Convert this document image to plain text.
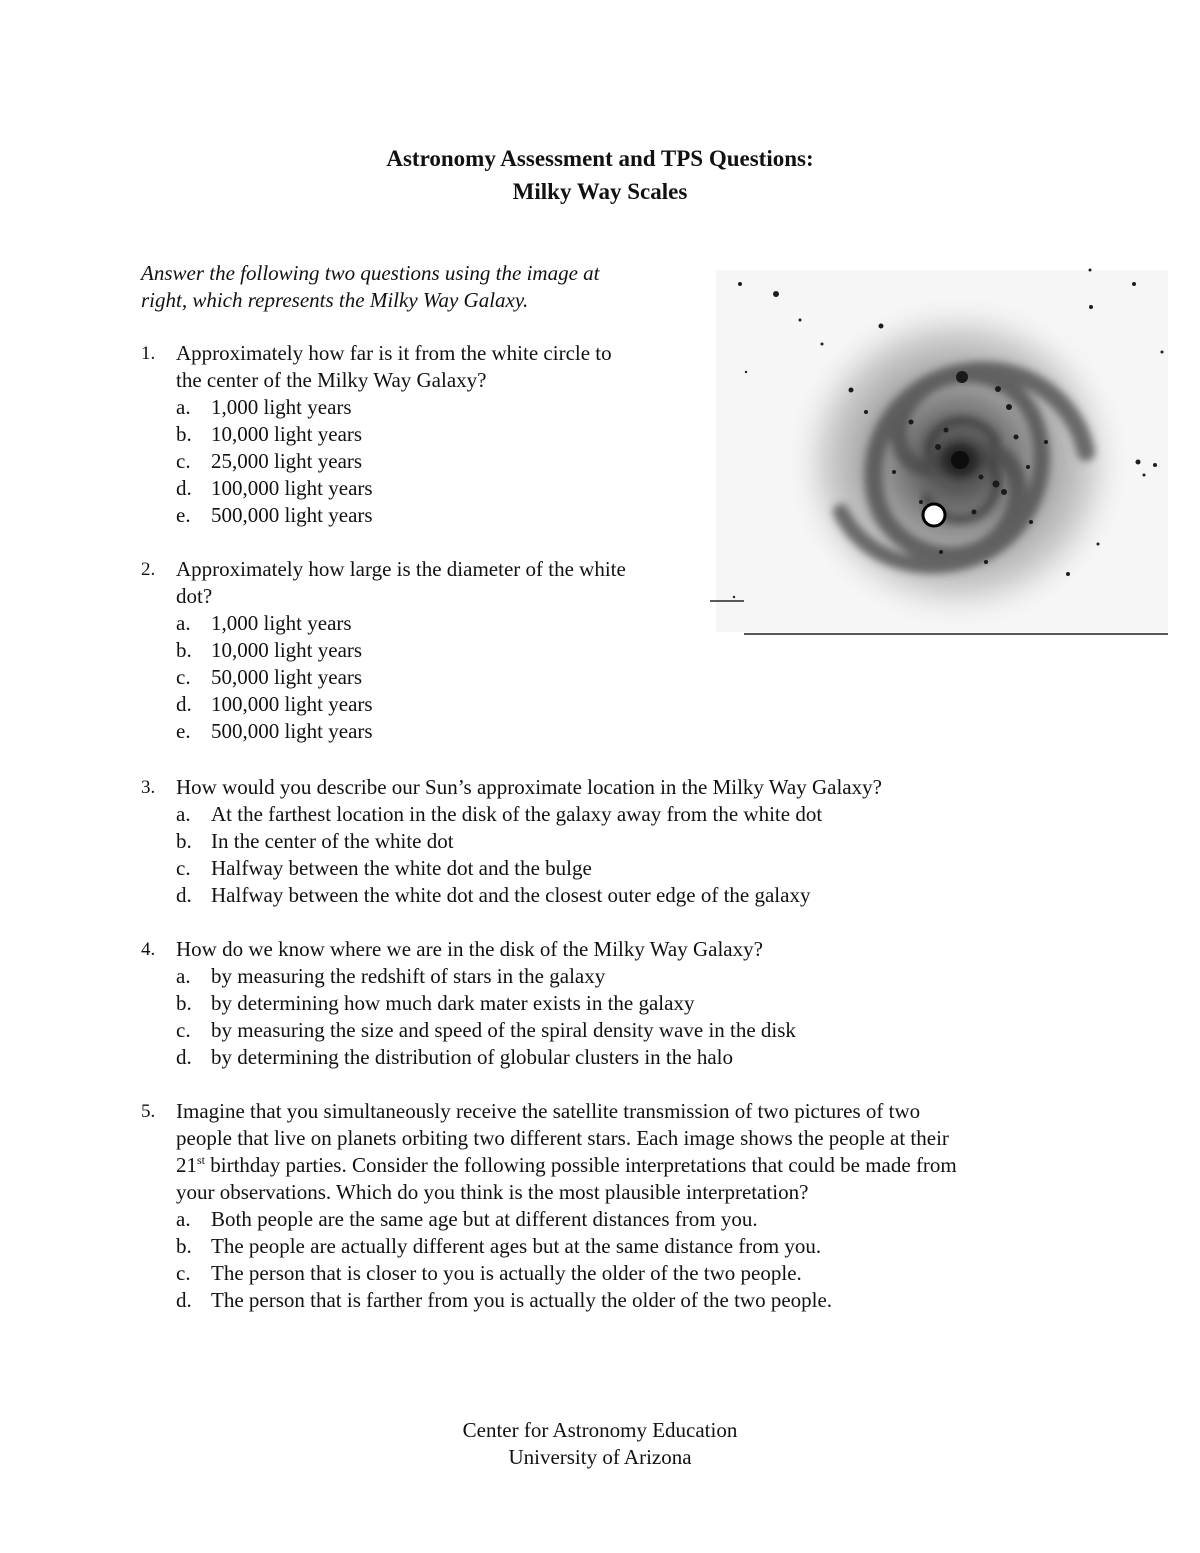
Astronomy Assessment and TPS Questions:
Milky Way Scales
Answer the following two questions using the image at
right, which represents the Milky Way Galaxy.
1. Approximately how far is it from the white circle to
the center of the Milky Way Galaxy?
a. 1,000 light years
b. 10,000 light years
c. 25,000 light years
d. 100,000 light years
e. 500,000 light years
2. Approximately how large is the diameter of the white
dot?
a. 1,000 light years
b. 10,000 light years
c. 50,000 light years
d. 100,000 light years
e. 500,000 light years
3. How would you describe our Sun’s approximate location in the Milky Way Galaxy?
a. At the farthest location in the disk of the galaxy away from the white dot
b. In the center of the white dot
c. Halfway between the white dot and the bulge
d. Halfway between the white dot and the closest outer edge of the galaxy
4. How do we know where we are in the disk of the Milky Way Galaxy?
a. by measuring the redshift of stars in the galaxy
b. by determining how much dark mater exists in the galaxy
c. by measuring the size and speed of the spiral density wave in the disk
d. by determining the distribution of globular clusters in the halo
5. Imagine that you simultaneously receive the satellite transmission of two pictures of two
people that live on planets orbiting two different stars. Each image shows the people at their
21st birthday parties. Consider the following possible interpretations that could be made from
your observations. Which do you think is the most plausible interpretation?
a. Both people are the same age but at different distances from you.
b. The people are actually different ages but at the same distance from you.
c. The person that is closer to you is actually the older of the two people.
d. The person that is farther from you is actually the older of the two people.
Center for Astronomy Education
University of Arizona
